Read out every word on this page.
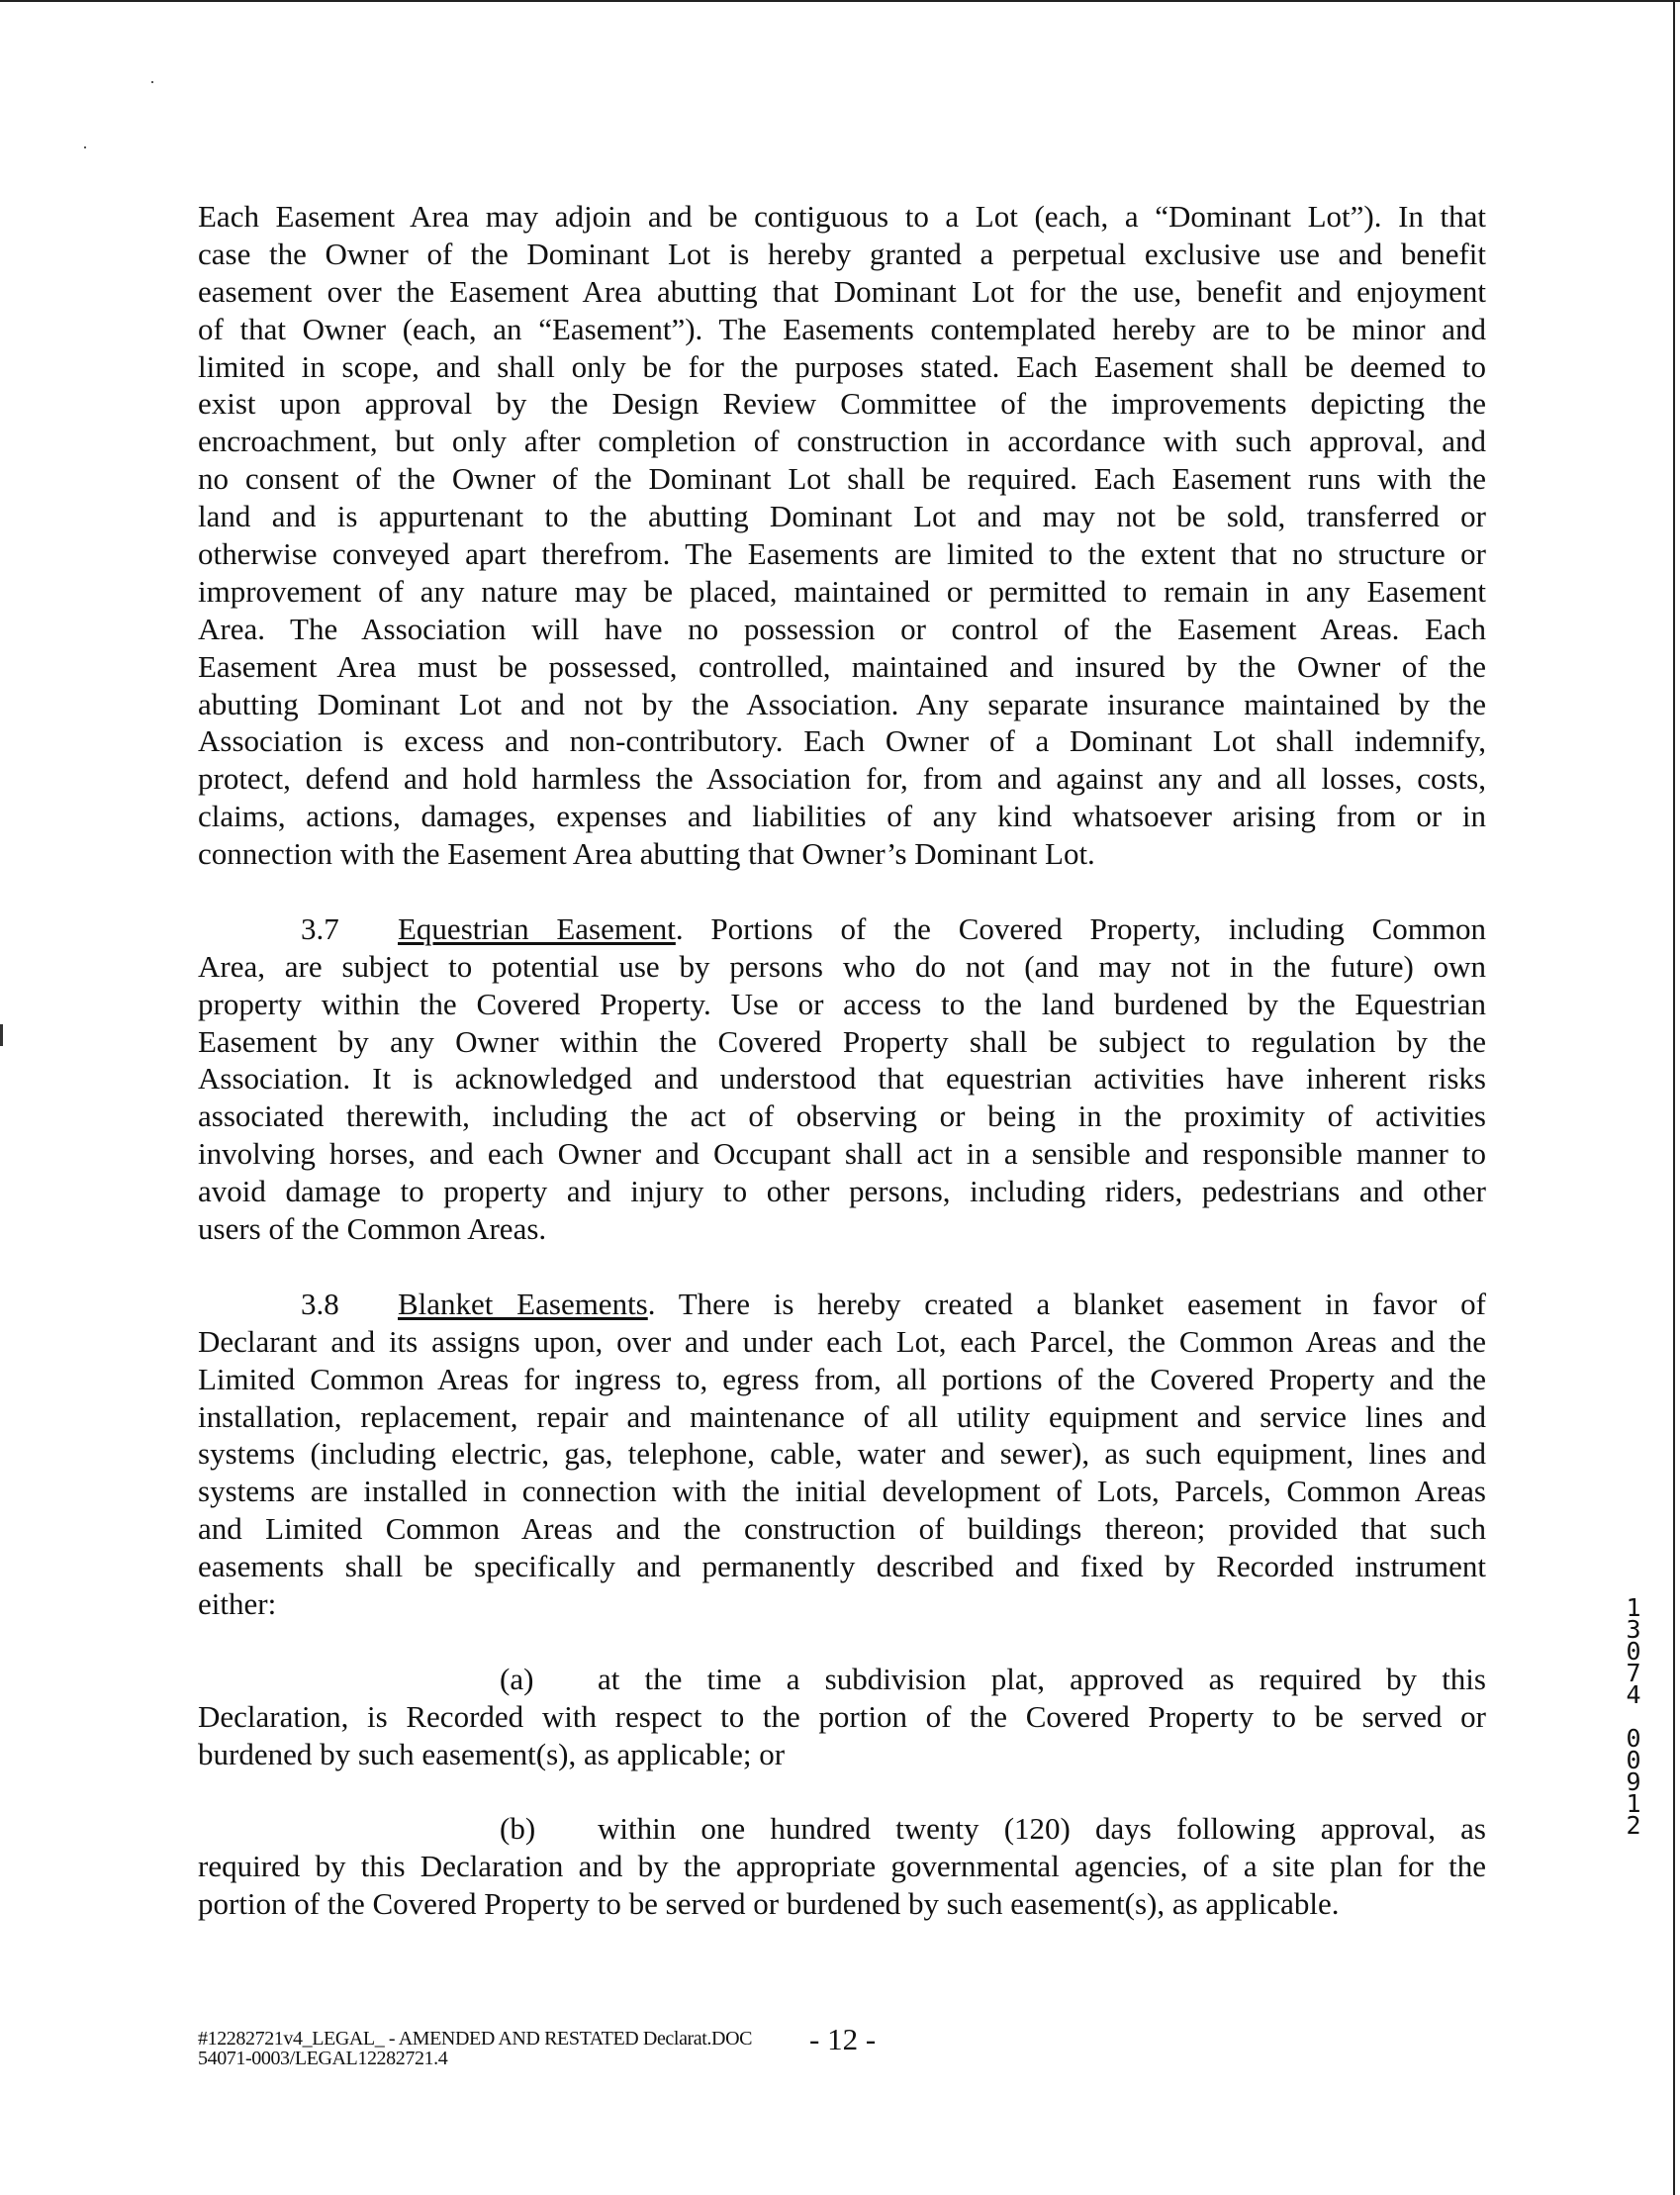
Each Easement Area may adjoin and be contiguous to a Lot (each, a “Dominant Lot”). In that
case the Owner of the Dominant Lot is hereby granted a perpetual exclusive use and benefit
easement over the Easement Area abutting that Dominant Lot for the use, benefit and enjoyment
of that Owner (each, an “Easement”). The Easements contemplated hereby are to be minor and
limited in scope, and shall only be for the purposes stated. Each Easement shall be deemed to
exist upon approval by the Design Review Committee of the improvements depicting the
encroachment, but only after completion of construction in accordance with such approval, and
no consent of the Owner of the Dominant Lot shall be required. Each Easement runs with the
land and is appurtenant to the abutting Dominant Lot and may not be sold, transferred or
otherwise conveyed apart therefrom. The Easements are limited to the extent that no structure or
improvement of any nature may be placed, maintained or permitted to remain in any Easement
Area. The Association will have no possession or control of the Easement Areas. Each
Easement Area must be possessed, controlled, maintained and insured by the Owner of the
abutting Dominant Lot and not by the Association. Any separate insurance maintained by the
Association is excess and non-contributory. Each Owner of a Dominant Lot shall indemnify,
protect, defend and hold harmless the Association for, from and against any and all losses, costs,
claims, actions, damages, expenses and liabilities of any kind whatsoever arising from or in
connection with the Easement Area abutting that Owner’s Dominant Lot.
3.7 Equestrian Easement. Portions of the Covered Property, including Common
Area, are subject to potential use by persons who do not (and may not in the future) own
property within the Covered Property. Use or access to the land burdened by the Equestrian
Easement by any Owner within the Covered Property shall be subject to regulation by the
Association. It is acknowledged and understood that equestrian activities have inherent risks
associated therewith, including the act of observing or being in the proximity of activities
involving horses, and each Owner and Occupant shall act in a sensible and responsible manner to
avoid damage to property and injury to other persons, including riders, pedestrians and other
users of the Common Areas.
3.8 Blanket Easements. There is hereby created a blanket easement in favor of
Declarant and its assigns upon, over and under each Lot, each Parcel, the Common Areas and the
Limited Common Areas for ingress to, egress from, all portions of the Covered Property and the
installation, replacement, repair and maintenance of all utility equipment and service lines and
systems (including electric, gas, telephone, cable, water and sewer), as such equipment, lines and
systems are installed in connection with the initial development of Lots, Parcels, Common Areas
and Limited Common Areas and the construction of buildings thereon; provided that such
easements shall be specifically and permanently described and fixed by Recorded instrument
either:
(a) at the time a subdivision plat, approved as required by this
Declaration, is Recorded with respect to the portion of the Covered Property to be served or
burdened by such easement(s), as applicable; or
(b) within one hundred twenty (120) days following approval, as
required by this Declaration and by the appropriate governmental agencies, of a site plan for the
portion of the Covered Property to be served or burdened by such easement(s), as applicable.
#12282721v4_LEGAL_ - AMENDED AND RESTATED Declarat.DOC
54071-0003/LEGAL12282721.4
- 12 -
1
3
0
7
4
0
0
9
1
2
